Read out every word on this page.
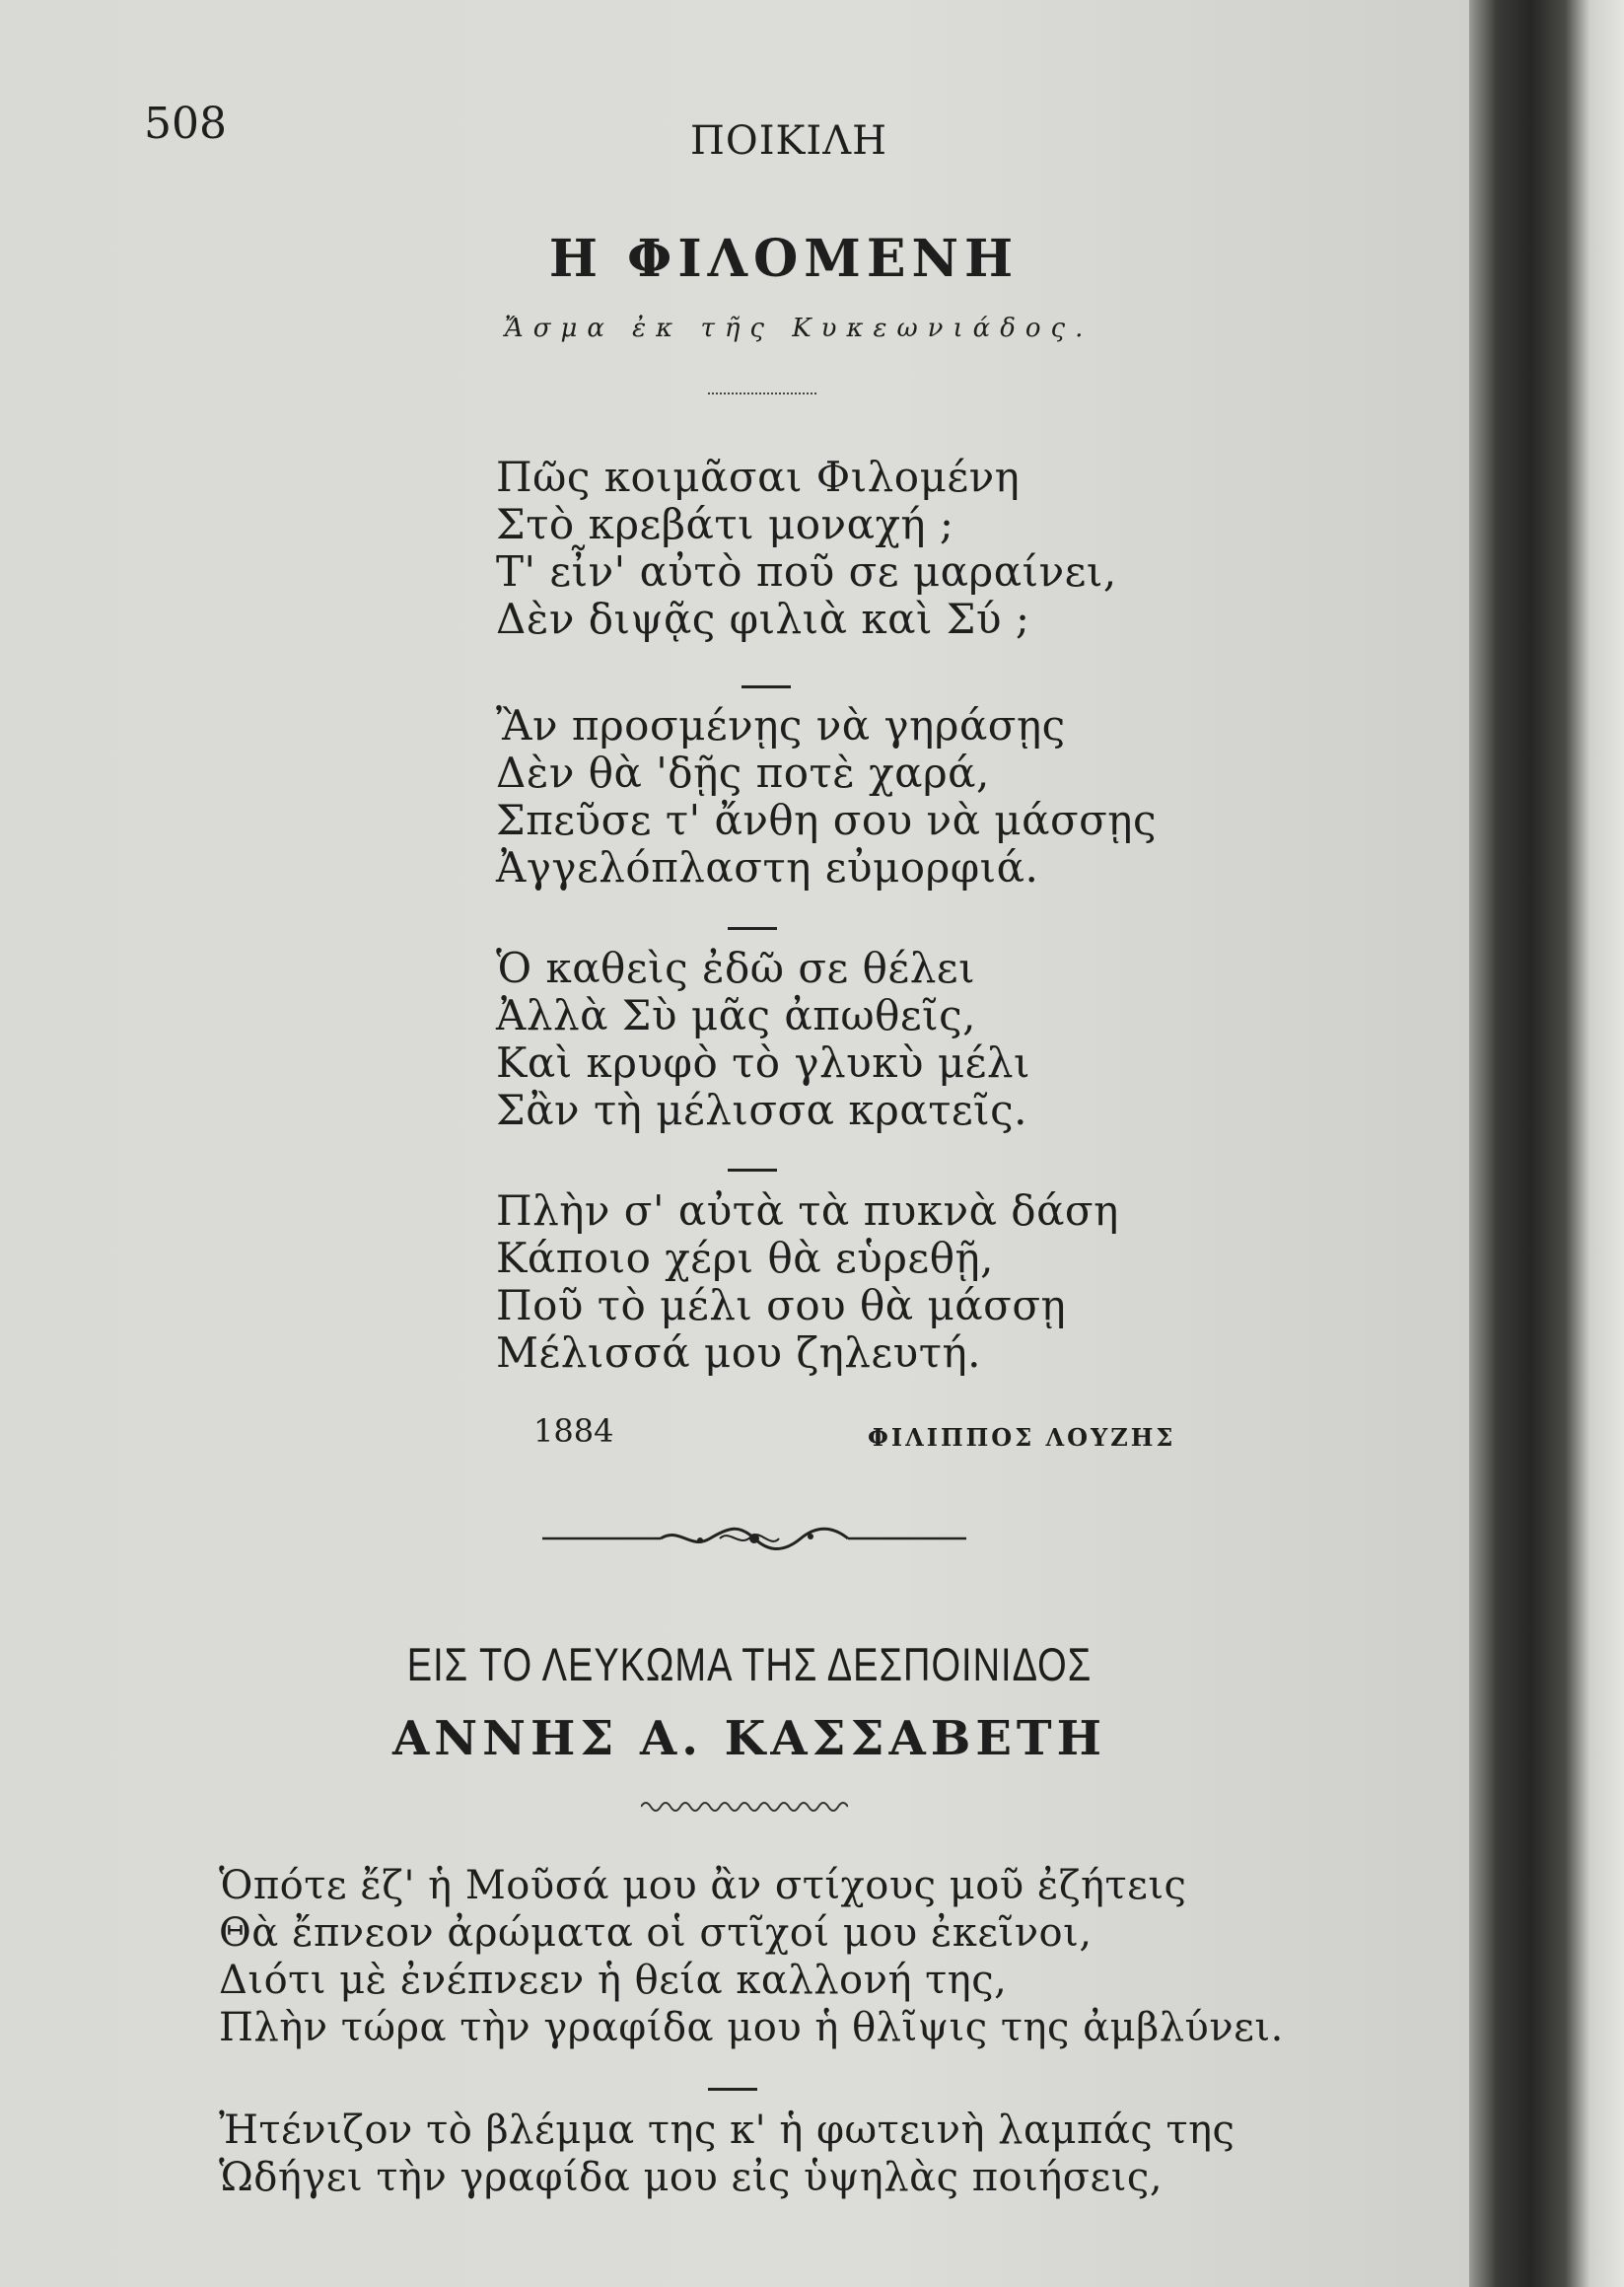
508	ΠΟΙΚΙΛΗ
Η ΦΙΛΟΜΕΝΗ
Ἄσμα ἐκ τῆς Κυκεωνιάδος.
Πῶς κοιμᾶσαι Φιλομένη
Στὸ κρεβάτι μοναχή ;
Τ' εἶν' αὐτὸ ποῦ σε μαραίνει,
Δὲν διψᾷς φιλιὰ καὶ Σύ ;
Ἂν προσμένῃς νὰ γηράσῃς
Δὲν θὰ 'δῇς ποτὲ χαρά,
Σπεῦσε τ' ἄνθη σου νὰ μάσσῃς
Ἀγγελόπλαστη εὐμορφιά.
Ὁ καθεὶς ἐδῶ σε θέλει
Ἀλλὰ Σὺ μᾶς ἀπωθεῖς,
Καὶ κρυφὸ τὸ γλυκὺ μέλι
Σἂν τὴ μέλισσα κρατεῖς.
Πλὴν σ' αὐτὰ τὰ πυκνὰ δάση
Κάποιο χέρι θὰ εὑρεθῇ,
Ποῦ τὸ μέλι σου θὰ μάσσῃ
Μέλισσά μου ζηλευτή.
1884	ΦΙΛΙΠΠΟΣ ΛΟΥΖΗΣ
ΕΙΣ ΤΟ ΛΕΥΚΩΜΑ ΤΗΣ ΔΕΣΠΟΙΝΙΔΟΣ
ΑΝΝΗΣ Α. ΚΑΣΣΑΒΕΤΗ
Ὁπότε ἔζ' ἡ Μοῦσά μου ἂν στίχους μοῦ ἐζήτεις
Θὰ ἔπνεον ἀρώματα οἱ στῖχοί μου ἐκεῖνοι,
Διότι μὲ ἐνέπνεεν ἡ θεία καλλονή της,
Πλὴν τώρα τὴν γραφίδα μου ἡ θλῖψις της ἀμβλύνει.
Ἠτένιζον τὸ βλέμμα της κ' ἡ φωτεινὴ λαμπάς της
Ὡδήγει τὴν γραφίδα μου εἰς ὑψηλὰς ποιήσεις,
